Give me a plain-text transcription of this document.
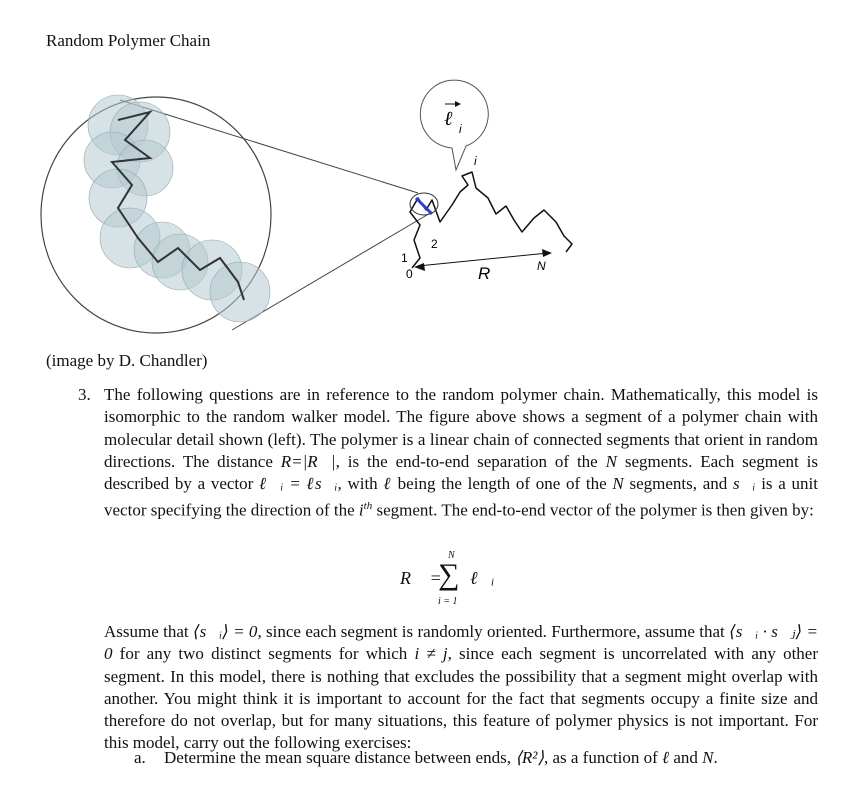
Random Polymer Chain
ℓ i
i
2
1
0
N
R
(image by D. Chandler)
3. The following questions are in reference to the random polymer chain. Mathematically, this model is isomorphic to the random walker model. The figure above shows a segment of a polymer chain with molecular detail shown (left). The polymer is a linear chain of connected segments that orient in random directions. The distance R=|R⃗|, is the end-to-end separation of the N segments. Each segment is described by a vector ℓ⃗ᵢ = ℓs⃗ᵢ, with ℓ being the length of one of the N segments, and s⃗ᵢ is a unit vector specifying the direction of the $i^{th}$ segment. The end-to-end vector of the polymer is then given by:
R⃗ =
N
∑
i = 1
ℓ⃗ᵢ
Assume that ⟨s⃗ᵢ⟩ = 0, since each segment is randomly oriented. Furthermore, assume that ⟨s⃗ᵢ · s⃗ⱼ⟩ = 0 for any two distinct segments for which i ≠ j, since each segment is uncorrelated with any other segment. In this model, there is nothing that excludes the possibility that a segment might overlap with another. You might think it is important to account for the fact that segments occupy a finite size and therefore do not overlap, but for many situations, this feature of polymer physics is not important. For this model, carry out the following exercises:
a. Determine the mean square distance between ends, ⟨R²⟩, as a function of ℓ and N.
